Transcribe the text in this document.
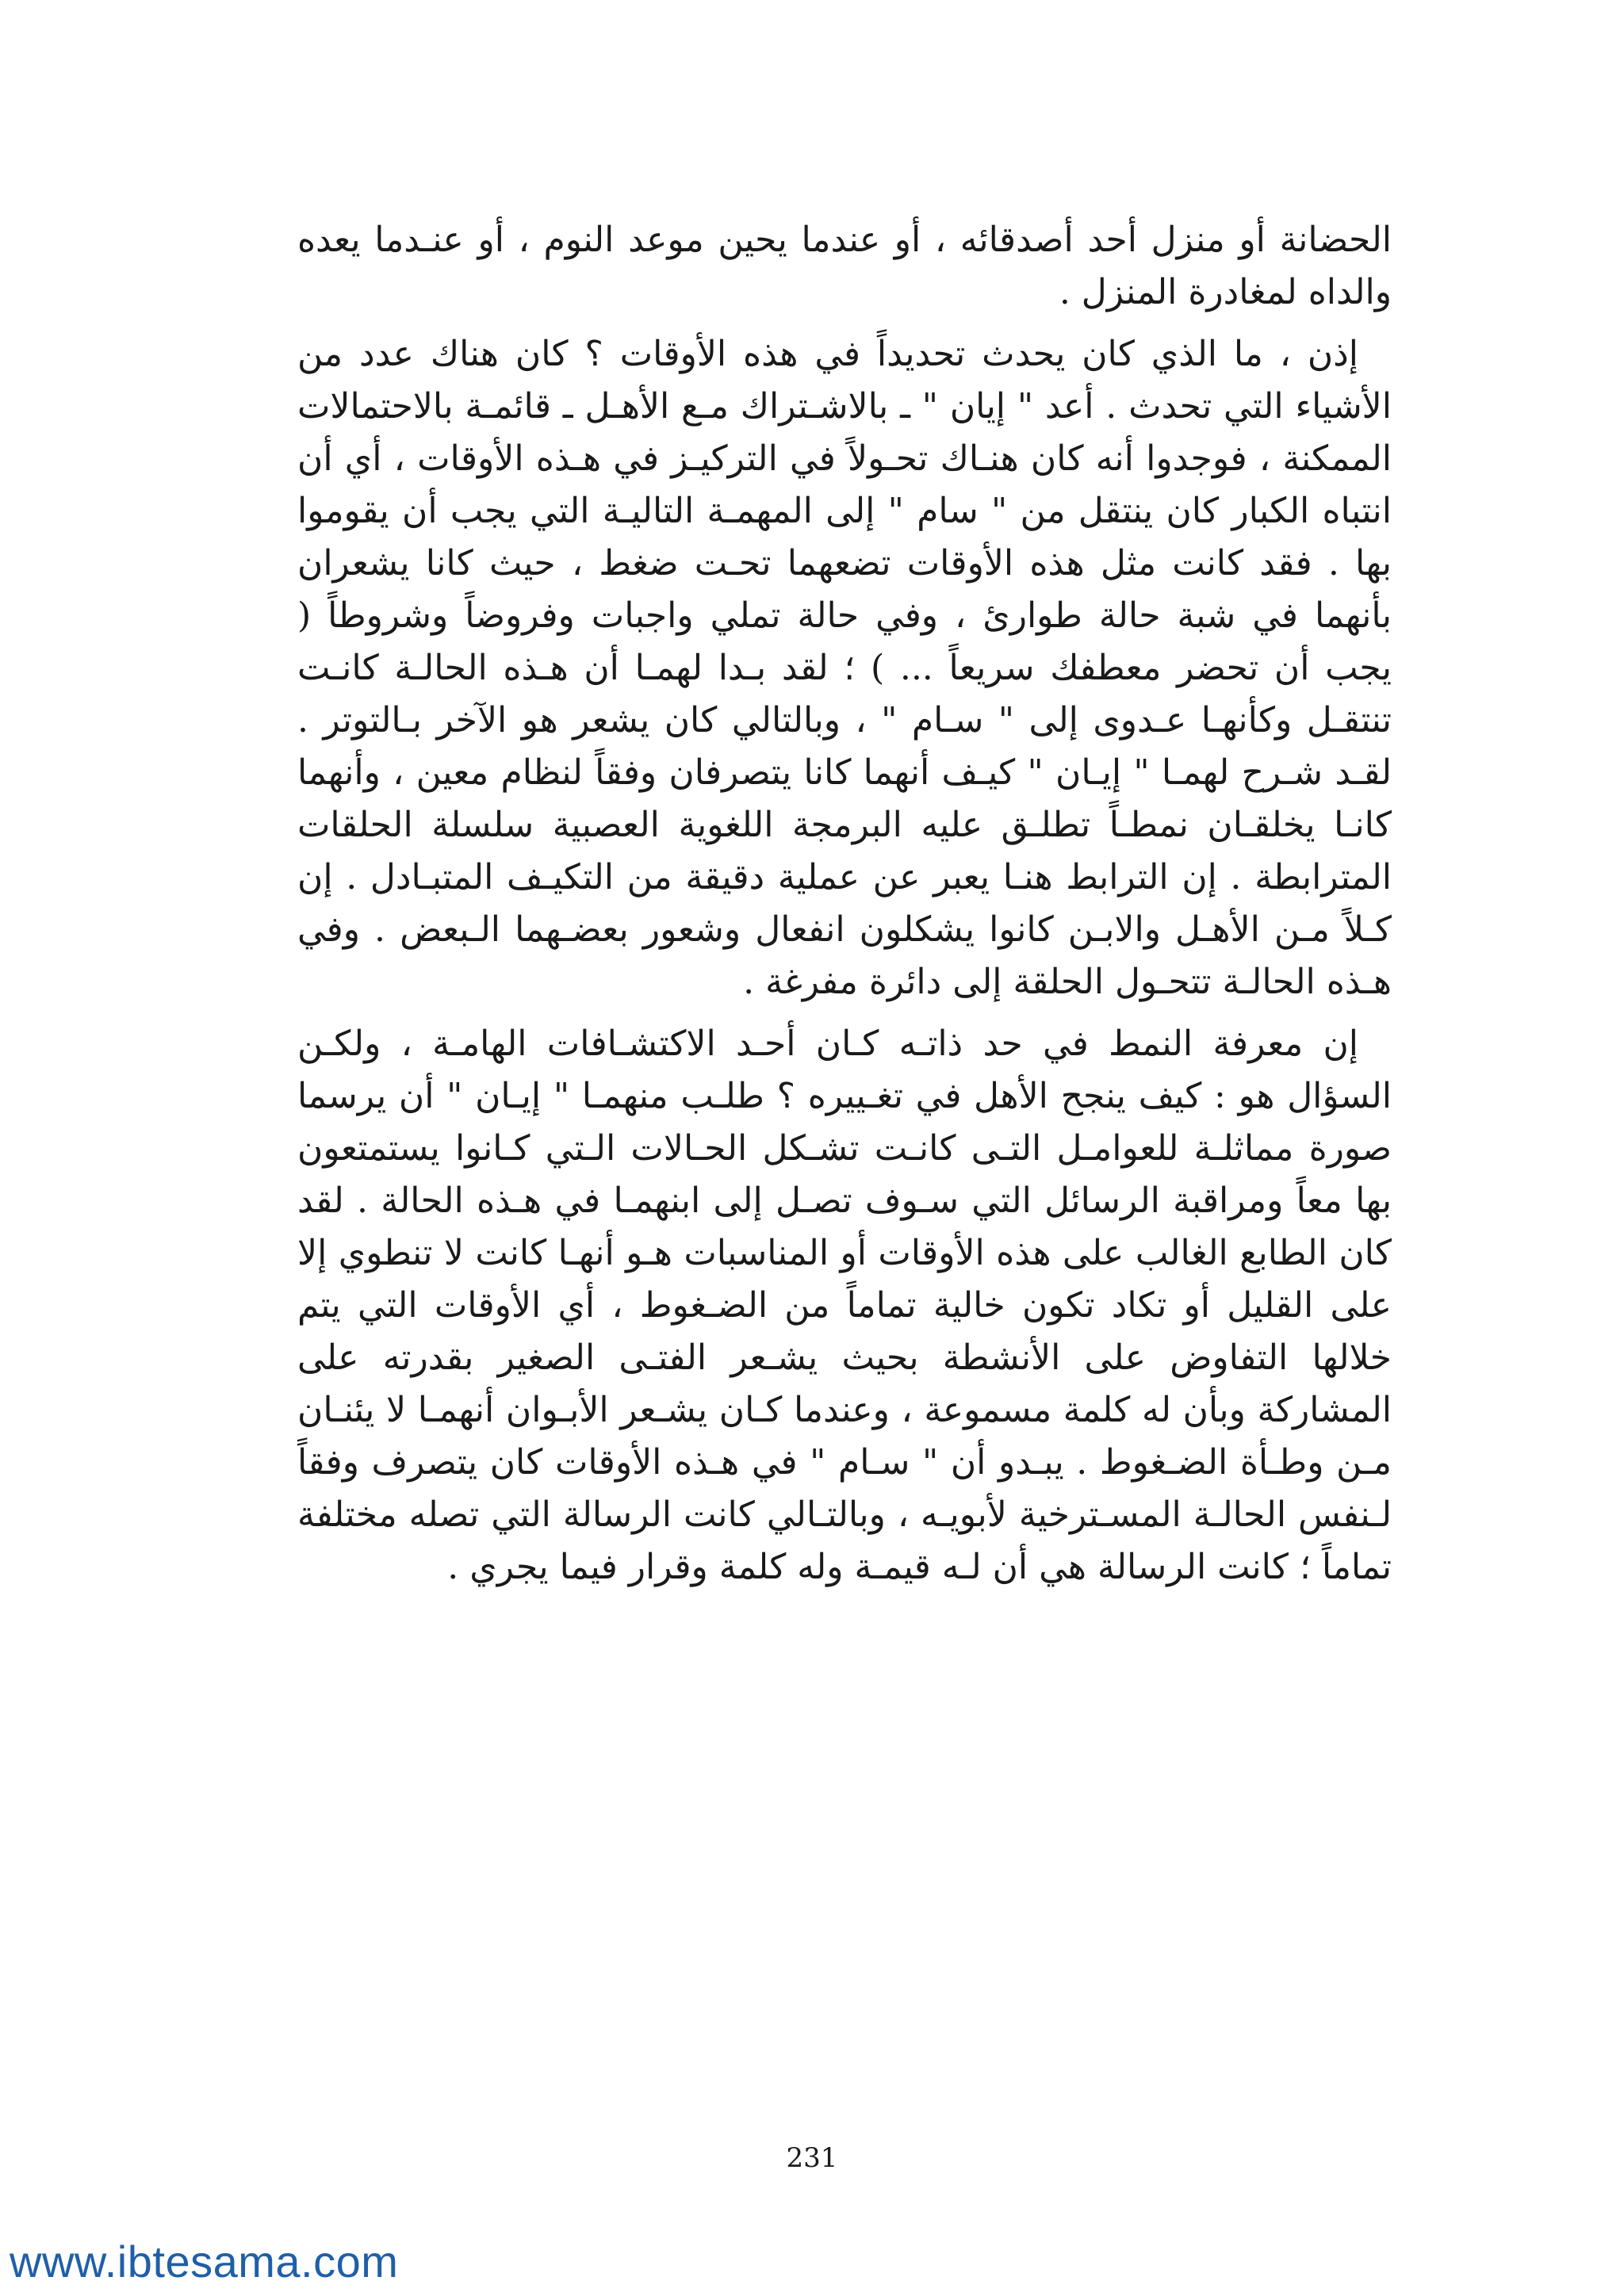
الحضانة أو منزل أحد أصدقائه ، أو عندما يحين موعد النوم ، أو عنـدما يعده والداه لمغادرة المنزل .

إذن ، ما الذي كان يحدث تحديداً في هذه الأوقات ؟ كان هناك عدد من الأشياء التي تحدث . أعد " إيان " ـ بالاشـتراك مـع الأهـل ـ قائمـة بالاحتمالات الممكنة ، فوجدوا أنه كان هنـاك تحـولاً في التركيـز في هـذه الأوقات ، أي أن انتباه الكبار كان ينتقل من " سام " إلى المهمـة التاليـة التي يجب أن يقوموا بها . فقد كانت مثل هذه الأوقات تضعهما تحـت ضغط ، حيث كانا يشعران بأنهما في شبة حالة طوارئ ، وفي حالة تملي واجبات وفروضاً وشروطاً ( يجب أن تحضر معطفك سريعاً ... ) ؛ لقد بـدا لهمـا أن هـذه الحالـة كانـت تنتقـل وكأنهـا عـدوى إلى " سـام " ، وبالتالي كان يشعر هو الآخر بـالتوتر . لقـد شـرح لهمـا " إيـان " كيـف أنهما كانا يتصرفان وفقاً لنظام معين ، وأنهما كانـا يخلقـان نمطـاً تطلـق عليه البرمجة اللغوية العصبية سلسلة الحلقات المترابطة . إن الترابط هنـا يعبر عن عملية دقيقة من التكيـف المتبـادل . إن كـلاً مـن الأهـل والابـن كانوا يشكلون انفعال وشعور بعضـهما الـبعض . وفي هـذه الحالـة تتحـول الحلقة إلى دائرة مفرغة .

إن معرفة النمط في حد ذاتـه كـان أحـد الاكتشـافات الهامـة ، ولكـن السؤال هو : كيف ينجح الأهل في تغـييره ؟ طلـب منهمـا " إيـان " أن يرسما صورة مماثلـة للعوامـل التـى كانـت تشـكل الحـالات الـتي كـانوا يستمتعون بها معاً ومراقبة الرسائل التي سـوف تصـل إلى ابنهمـا في هـذه الحالة . لقد كان الطابع الغالب على هذه الأوقات أو المناسبات هـو أنهـا كانت لا تنطوي إلا على القليل أو تكاد تكون خالية تماماً من الضـغوط ، أي الأوقات التي يتم خلالها التفاوض على الأنشطة بحيث يشـعر الفتـى الصغير بقدرته على المشاركة وبأن له كلمة مسموعة ، وعندما كـان يشـعر الأبـوان أنهمـا لا يئنـان مـن وطـأة الضـغوط . يبـدو أن " سـام " في هـذه الأوقات كان يتصرف وفقاً لـنفس الحالـة المسـترخية لأبويـه ، وبالتـالي كانت الرسالة التي تصله مختلفة تماماً ؛ كانت الرسالة هي أن لـه قيمـة وله كلمة وقرار فيما يجري .

231
www.ibtesama.com
